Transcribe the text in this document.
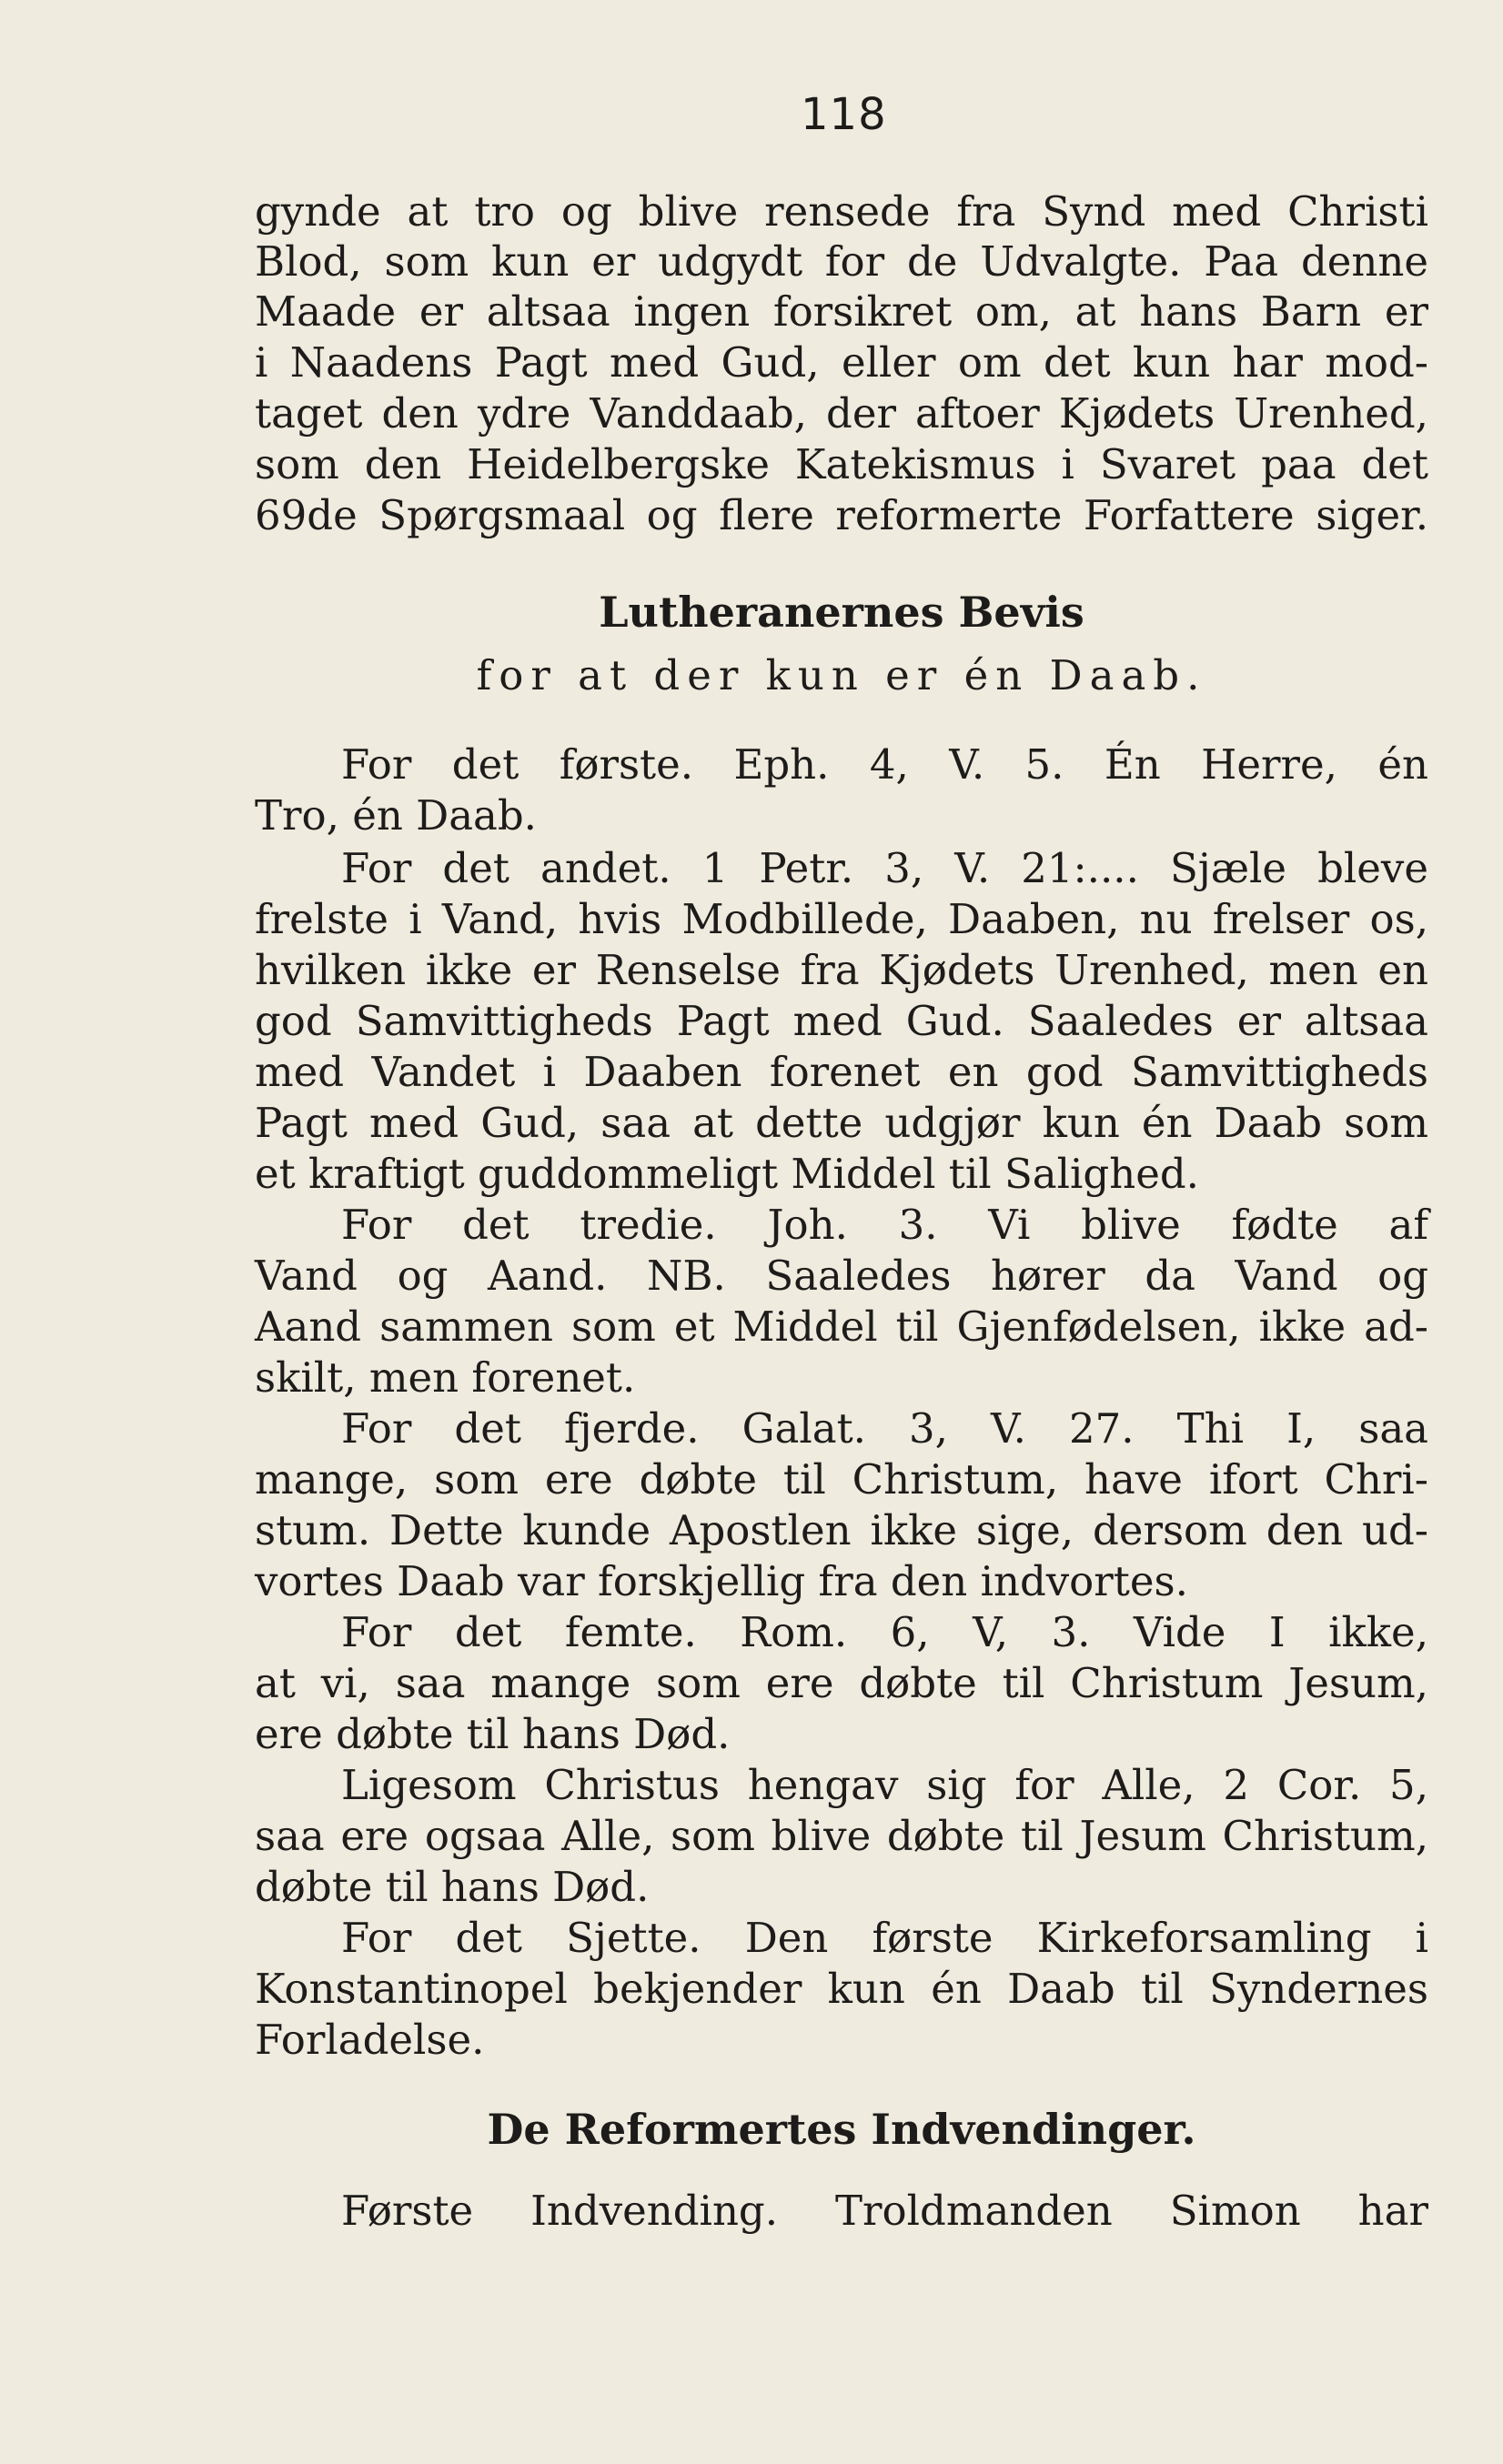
118
gynde at tro og blive rensede fra Synd med Christi
Blod, som kun er udgydt for de Udvalgte. Paa denne
Maade er altsaa ingen forsikret om, at hans Barn er
i Naadens Pagt med Gud, eller om det kun har mod-
taget den ydre Vanddaab, der aftoer Kjødets Urenhed,
som den Heidelbergske Katekismus i Svaret paa det
69de Spørgsmaal og flere reformerte Forfattere siger.
Lutheranernes Bevis
for at der kun er én Daab.
For det første. Eph. 4, V. 5. Én Herre, én
Tro, én Daab.
For det andet. 1 Petr. 3, V. 21:.... Sjæle bleve
frelste i Vand, hvis Modbillede, Daaben, nu frelser os,
hvilken ikke er Renselse fra Kjødets Urenhed, men en
god Samvittigheds Pagt med Gud. Saaledes er altsaa
med Vandet i Daaben forenet en god Samvittigheds
Pagt med Gud, saa at dette udgjør kun én Daab som
et kraftigt guddommeligt Middel til Salighed.
For det tredie. Joh. 3. Vi blive fødte af
Vand og Aand. NB. Saaledes hører da Vand og
Aand sammen som et Middel til Gjenfødelsen, ikke ad-
skilt, men forenet.
For det fjerde. Galat. 3, V. 27. Thi I, saa
mange, som ere døbte til Christum, have ifort Chri-
stum. Dette kunde Apostlen ikke sige, dersom den ud-
vortes Daab var forskjellig fra den indvortes.
For det femte. Rom. 6, V, 3. Vide I ikke,
at vi, saa mange som ere døbte til Christum Jesum,
ere døbte til hans Død.
Ligesom Christus hengav sig for Alle, 2 Cor. 5,
saa ere ogsaa Alle, som blive døbte til Jesum Christum,
døbte til hans Død.
For det Sjette. Den første Kirkeforsamling i
Konstantinopel bekjender kun én Daab til Syndernes
Forladelse.
De Reformertes Indvendinger.
Første Indvending. Troldmanden Simon har
